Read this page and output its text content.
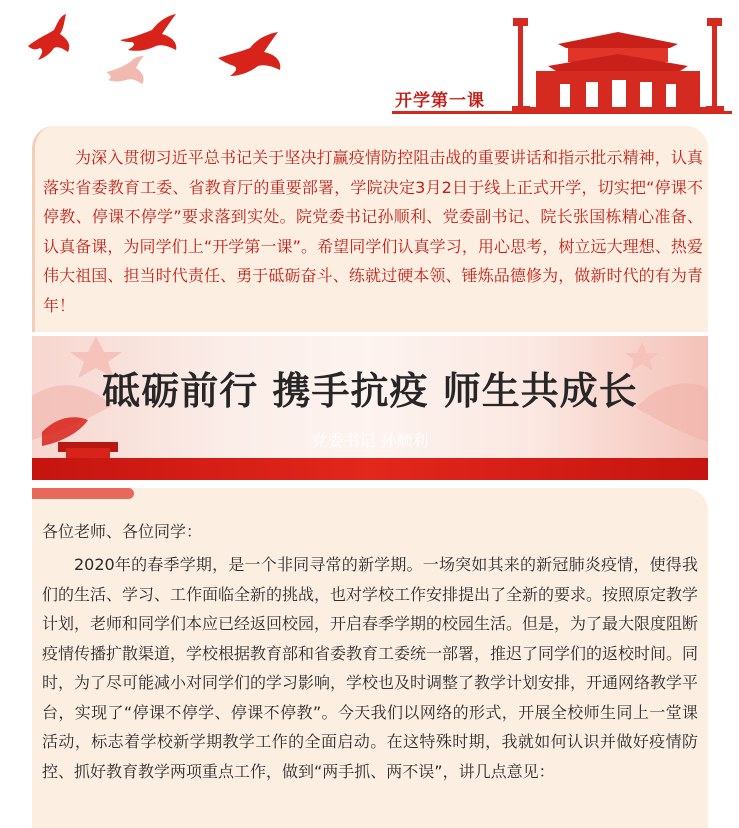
开学第一课

为深入贯彻习近平总书记关于坚决打赢疫情防控阻击战的重要讲话和指示批示精神，认真落实省委教育工委、省教育厅的重要部署，学院决定3月2日于线上正式开学，切实把“停课不停教、停课不停学”要求落到实处。院党委书记孙顺利、党委副书记、院长张国栋精心准备、认真备课，为同学们上“开学第一课”。希望同学们认真学习，用心思考，树立远大理想、热爱伟大祖国、担当时代责任、勇于砥砺奋斗、练就过硬本领、锤炼品德修为，做新时代的有为青年！

砥砺前行 携手抗疫 师生共成长
党委书记 孙顺利

各位老师、各位同学：

2020年的春季学期，是一个非同寻常的新学期。一场突如其来的新冠肺炎疫情，使得我们的生活、学习、工作面临全新的挑战，也对学校工作安排提出了全新的要求。按照原定教学计划，老师和同学们本应已经返回校园，开启春季学期的校园生活。但是，为了最大限度阻断疫情传播扩散渠道，学校根据教育部和省委教育工委统一部署，推迟了同学们的返校时间。同时，为了尽可能减小对同学们的学习影响，学校也及时调整了教学计划安排，开通网络教学平台，实现了“停课不停学、停课不停教”。今天我们以网络的形式，开展全校师生同上一堂课活动，标志着学校新学期教学工作的全面启动。在这特殊时期，我就如何认识并做好疫情防控、抓好教育教学两项重点工作，做到“两手抓、两不误”，讲几点意见：
